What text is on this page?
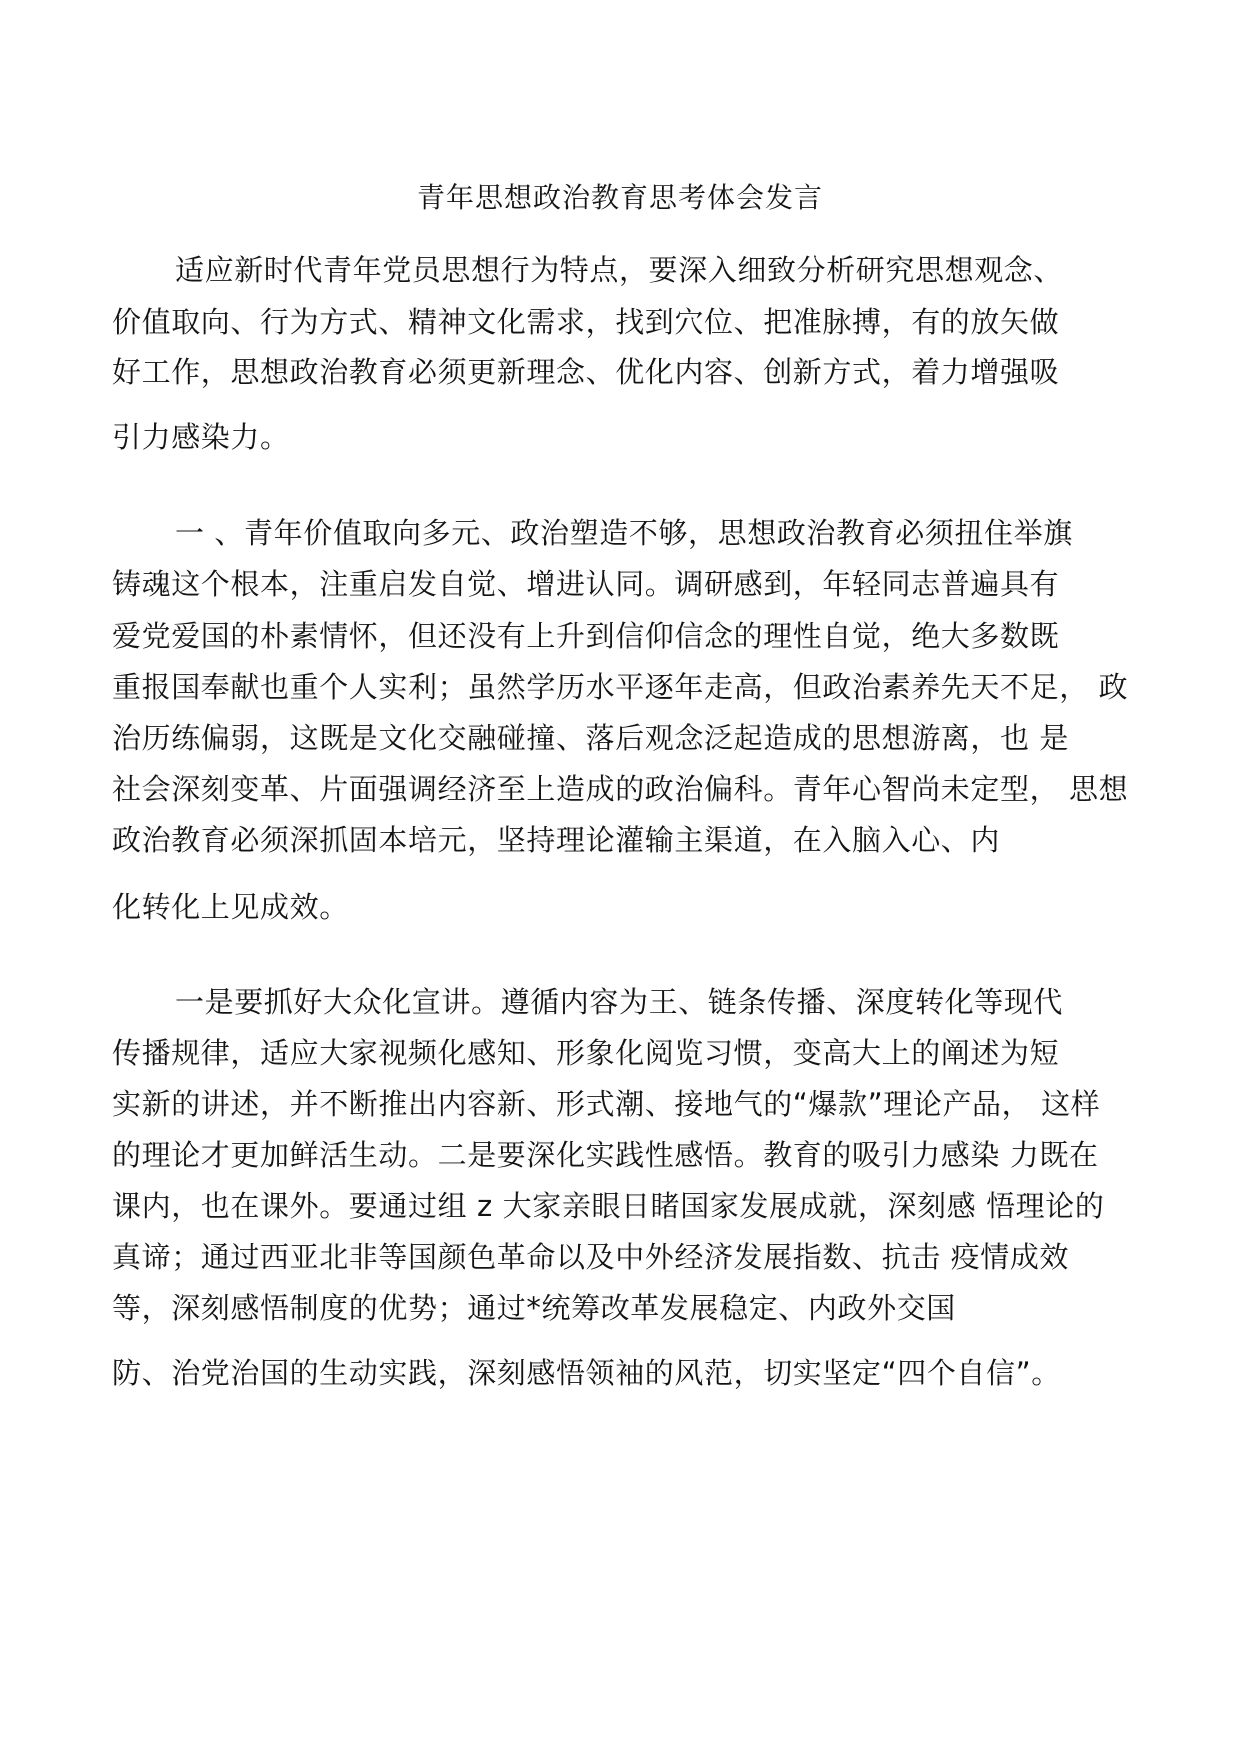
青年思想政治教育思考体会发言

适应新时代青年党员思想行为特点，要深入细致分析研究思想观念、

价值取向、行为方式、精神文化需求，找到穴位、把准脉搏，有的放矢做

好工作，思想政治教育必须更新理念、优化内容、创新方式，着力增强吸

引力感染力。

一 、青年价值取向多元、政治塑造不够，思想政治教育必须扭住举旗

铸魂这个根本，注重启发自觉、增进认同。调研感到，年轻同志普遍具有

爱党爱国的朴素情怀，但还没有上升到信仰信念的理性自觉，绝大多数既

重报国奉献也重个人实利；虽然学历水平逐年走高，但政治素养先天不足， 政

治历练偏弱，这既是文化交融碰撞、落后观念泛起造成的思想游离，也 是

社会深刻变革、片面强调经济至上造成的政治偏科。青年心智尚未定型， 思想

政治教育必须深抓固本培元，坚持理论灌输主渠道，在入脑入心、内

化转化上见成效。

一是要抓好大众化宣讲。遵循内容为王、链条传播、深度转化等现代

传播规律，适应大家视频化感知、形象化阅览习惯，变高大上的阐述为短

实新的讲述，并不断推出内容新、形式潮、接地气的“爆款”理论产品， 这样

的理论才更加鲜活生动。二是要深化实践性感悟。教育的吸引力感染 力既在

课内，也在课外。要通过组 z 大家亲眼日睹国家发展成就，深刻感 悟理论的

真谛；通过西亚北非等国颜色革命以及中外经济发展指数、抗击 疫情成效

等，深刻感悟制度的优势；通过*统筹改革发展稳定、内政外交国

防、治党治国的生动实践，深刻感悟领袖的风范，切实坚定“四个自信”。
